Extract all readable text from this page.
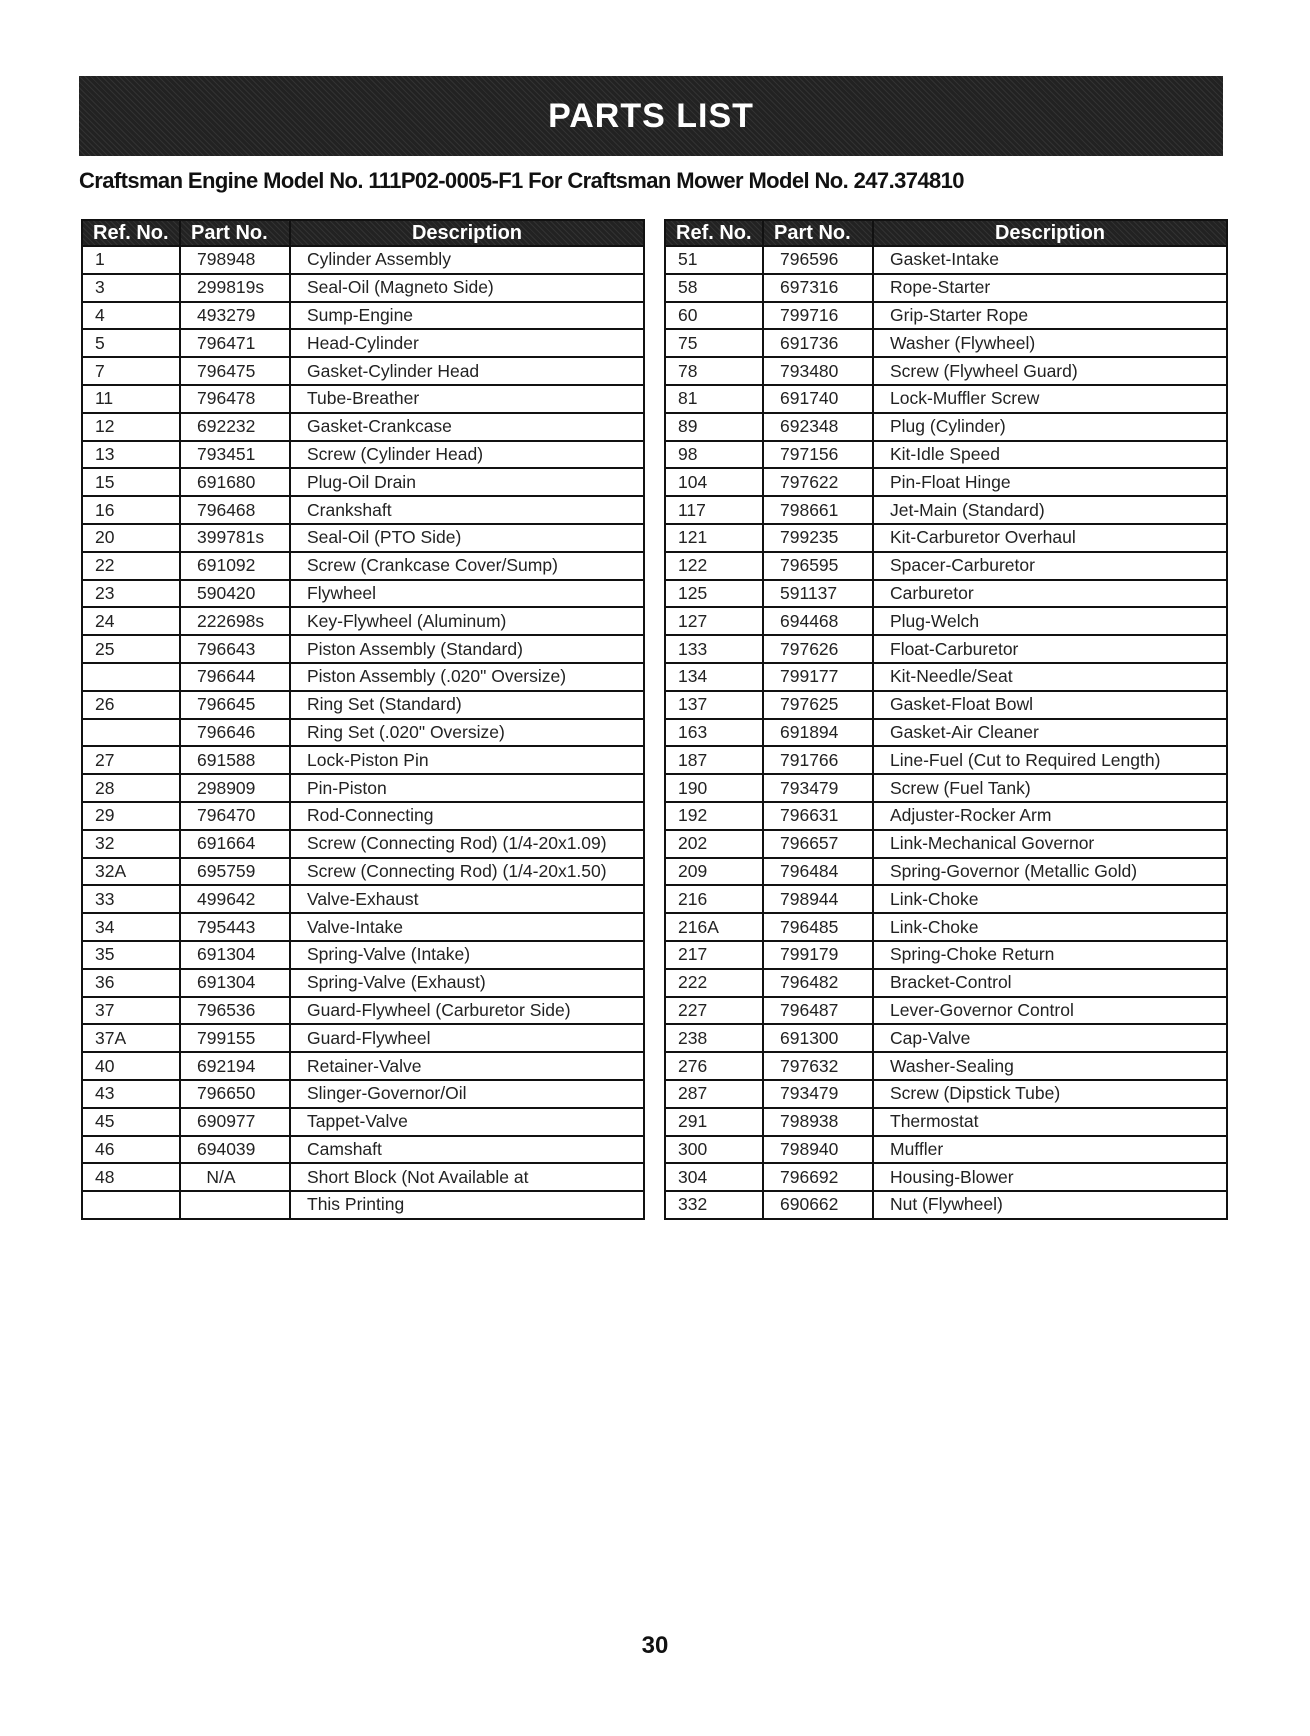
PARTS LIST
Craftsman Engine Model No. 111P02-0005-F1 For Craftsman Mower Model No. 247.374810
Ref. No.	Part No.	Description
1	798948	Cylinder Assembly
3	299819s	Seal-Oil (Magneto Side)
4	493279	Sump-Engine
5	796471	Head-Cylinder
7	796475	Gasket-Cylinder Head
11	796478	Tube-Breather
12	692232	Gasket-Crankcase
13	793451	Screw (Cylinder Head)
15	691680	Plug-Oil Drain
16	796468	Crankshaft
20	399781s	Seal-Oil (PTO Side)
22	691092	Screw (Crankcase Cover/Sump)
23	590420	Flywheel
24	222698s	Key-Flywheel (Aluminum)
25	796643	Piston Assembly (Standard)
	796644	Piston Assembly (.020" Oversize)
26	796645	Ring Set (Standard)
	796646	Ring Set (.020" Oversize)
27	691588	Lock-Piston Pin
28	298909	Pin-Piston
29	796470	Rod-Connecting
32	691664	Screw (Connecting Rod) (1/4-20x1.09)
32A	695759	Screw (Connecting Rod) (1/4-20x1.50)
33	499642	Valve-Exhaust
34	795443	Valve-Intake
35	691304	Spring-Valve (Intake)
36	691304	Spring-Valve (Exhaust)
37	796536	Guard-Flywheel (Carburetor Side)
37A	799155	Guard-Flywheel
40	692194	Retainer-Valve
43	796650	Slinger-Governor/Oil
45	690977	Tappet-Valve
46	694039	Camshaft
48	N/A	Short Block (Not Available at
		This Printing
Ref. No.	Part No.	Description
51	796596	Gasket-Intake
58	697316	Rope-Starter
60	799716	Grip-Starter Rope
75	691736	Washer (Flywheel)
78	793480	Screw (Flywheel Guard)
81	691740	Lock-Muffler Screw
89	692348	Plug (Cylinder)
98	797156	Kit-Idle Speed
104	797622	Pin-Float Hinge
117	798661	Jet-Main (Standard)
121	799235	Kit-Carburetor Overhaul
122	796595	Spacer-Carburetor
125	591137	Carburetor
127	694468	Plug-Welch
133	797626	Float-Carburetor
134	799177	Kit-Needle/Seat
137	797625	Gasket-Float Bowl
163	691894	Gasket-Air Cleaner
187	791766	Line-Fuel (Cut to Required Length)
190	793479	Screw (Fuel Tank)
192	796631	Adjuster-Rocker Arm
202	796657	Link-Mechanical Governor
209	796484	Spring-Governor (Metallic Gold)
216	798944	Link-Choke
216A	796485	Link-Choke
217	799179	Spring-Choke Return
222	796482	Bracket-Control
227	796487	Lever-Governor Control
238	691300	Cap-Valve
276	797632	Washer-Sealing
287	793479	Screw (Dipstick Tube)
291	798938	Thermostat
300	798940	Muffler
304	796692	Housing-Blower
332	690662	Nut (Flywheel)
30
